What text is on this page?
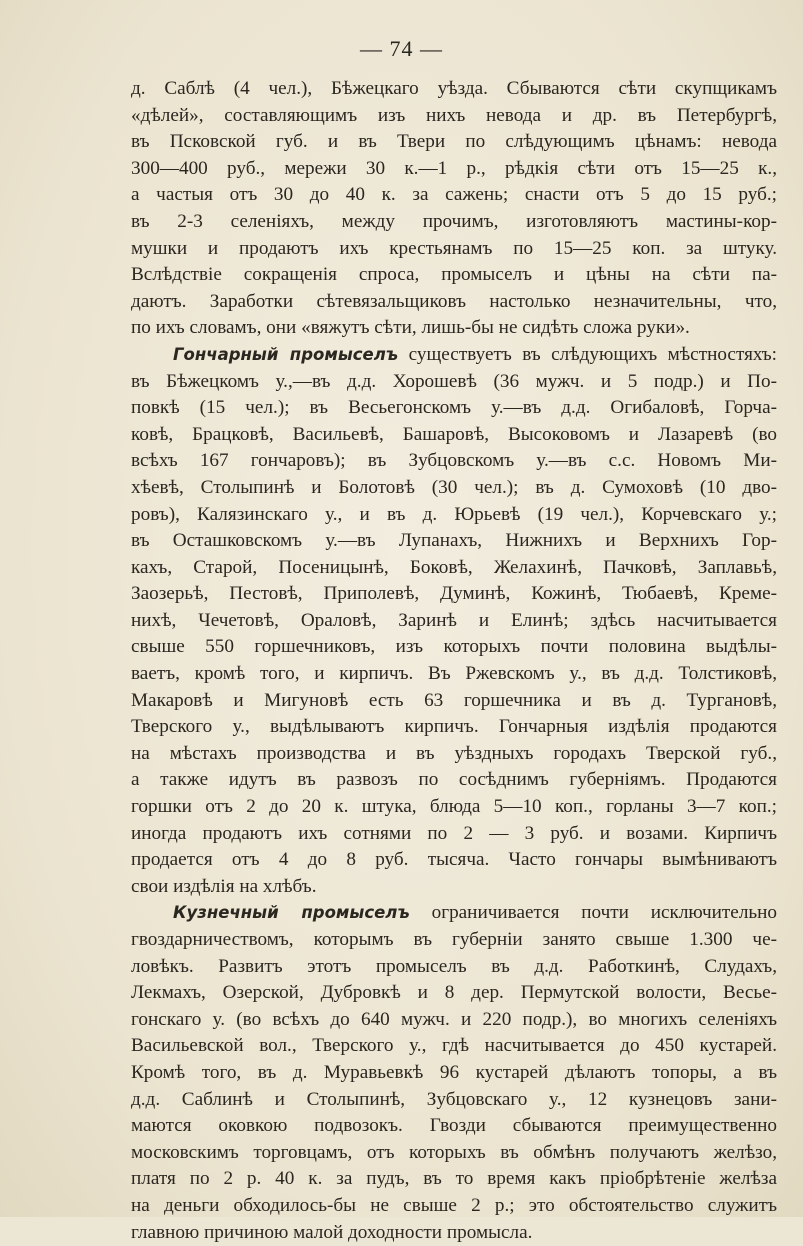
— 74 —
д. Саблѣ (4 чел.), Бѣжецкаго уѣзда. Сбываются сѣти скупщикамъ
«дѣлей», составляющимъ изъ нихъ невода и др. въ Петербургѣ,
въ Псковской губ. и въ Твери по слѣдующимъ цѣнамъ: невода
300—400 руб., мережи 30 к.—1 р., рѣдкія сѣти отъ 15—25 к.,
а частыя отъ 30 до 40 к. за сажень; снасти отъ 5 до 15 руб.;
въ 2-3 селеніяхъ, между прочимъ, изготовляютъ мастины-кор-
мушки и продаютъ ихъ крестьянамъ по 15—25 коп. за штуку.
Вслѣдствіе сокращенія спроса, промыселъ и цѣны на сѣти па-
даютъ. Заработки сѣтевязальщиковъ настолько незначительны, что,
по ихъ словамъ, они «вяжутъ сѣти, лишь-бы не сидѣть сложа руки».
Гончарный промыселъ существуетъ въ слѣдующихъ мѣстностяхъ:
въ Бѣжецкомъ у.,—въ д.д. Хорошевѣ (36 мужч. и 5 подр.) и По-
повкѣ (15 чел.); въ Весьегонскомъ у.—въ д.д. Огибаловѣ, Горча-
ковѣ, Брацковѣ, Васильевѣ, Башаровѣ, Высоковомъ и Лазаревѣ (во
всѣхъ 167 гончаровъ); въ Зубцовскомъ у.—въ с.с. Новомъ Ми-
хѣевѣ, Столыпинѣ и Болотовѣ (30 чел.); въ д. Сумоховѣ (10 дво-
ровъ), Калязинскаго у., и въ д. Юрьевѣ (19 чел.), Корчевскаго у.;
въ Осташковскомъ у.—въ Лупанахъ, Нижнихъ и Верхнихъ Гор-
кахъ, Старой, Посеницынѣ, Боковѣ, Желахинѣ, Пачковѣ, Заплавьѣ,
Заозерьѣ, Пестовѣ, Приполевѣ, Думинѣ, Кожинѣ, Тюбаевѣ, Креме-
нихѣ, Чечетовѣ, Ораловѣ, Заринѣ и Елинѣ; здѣсь насчитывается
свыше 550 горшечниковъ, изъ которыхъ почти половина выдѣлы-
ваетъ, кромѣ того, и кирпичъ. Въ Ржевскомъ у., въ д.д. Толстиковѣ,
Макаровѣ и Мигуновѣ есть 63 горшечника и въ д. Тургановѣ,
Тверского у., выдѣлываютъ кирпичъ. Гончарныя издѣлія продаются
на мѣстахъ производства и въ уѣздныхъ городахъ Тверской губ.,
а также идутъ въ развозъ по сосѣднимъ губерніямъ. Продаются
горшки отъ 2 до 20 к. штука, блюда 5—10 коп., горланы 3—7 коп.;
иногда продаютъ ихъ сотнями по 2 — 3 руб. и возами. Кирпичъ
продается отъ 4 до 8 руб. тысяча. Часто гончары вымѣниваютъ
свои издѣлія на хлѣбъ.
Кузнечный промыселъ ограничивается почти исключительно
гвоздарничествомъ, которымъ въ губерніи занято свыше 1.300 че-
ловѣкъ. Развитъ этотъ промыселъ въ д.д. Работкинѣ, Слудахъ,
Лекмахъ, Озерской, Дубровкѣ и 8 дер. Пермутской волости, Весье-
гонскаго у. (во всѣхъ до 640 мужч. и 220 подр.), во многихъ селеніяхъ
Васильевской вол., Тверского у., гдѣ насчитывается до 450 кустарей.
Кромѣ того, въ д. Муравьевкѣ 96 кустарей дѣлаютъ топоры, а въ
д.д. Саблинѣ и Столыпинѣ, Зубцовскаго у., 12 кузнецовъ зани-
маются оковкою подвозокъ. Гвозди сбываются преимущественно
московскимъ торговцамъ, отъ которыхъ въ обмѣнъ получаютъ желѣзо,
платя по 2 р. 40 к. за пудъ, въ то время какъ пріобрѣтеніе желѣза
на деньги обходилось-бы не свыше 2 р.; это обстоятельство служитъ
главною причиною малой доходности промысла.
